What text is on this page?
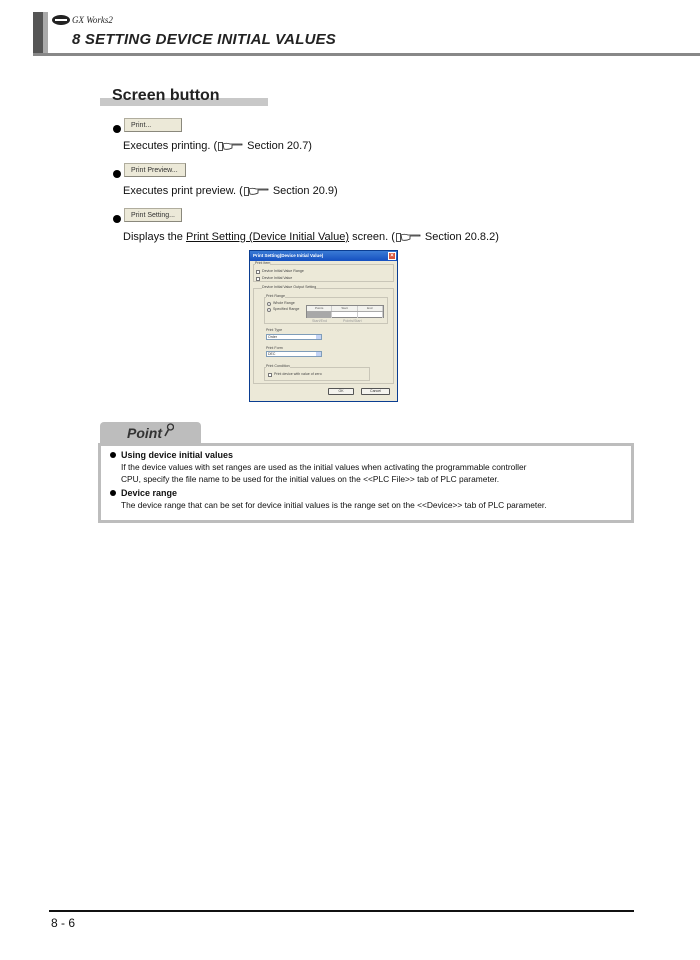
GX Works2
8 SETTING DEVICE INITIAL VALUES
Screen button
Print...
Executes printing. (	Section 20.7)
Print Preview...
Executes print preview. (	Section 20.9)
Print Setting...
Displays the Print Setting (Device Initial Value) screen. (	Section 20.8.2)
Print Setting(Device Initial Value)	×
Print Item
Device Initial Value Range
Device Initial Value
Device Initial Value Output Setting
Print Range
Whole Range
Specified Range	Points	Start	End
Start/End	Points/Start
Print Type
Order
Print Form
DEC
Print Condition
Print device with value of zero
OK	Cancel
Point
Using device initial values
If the device values with set ranges are used as the initial values when activating the programmable controller
CPU, specify the file name to be used for the initial values on the <<PLC File>> tab of PLC parameter.
Device range
The device range that can be set for device initial values is the range set on the <<Device>> tab of PLC parameter.
8 - 6
